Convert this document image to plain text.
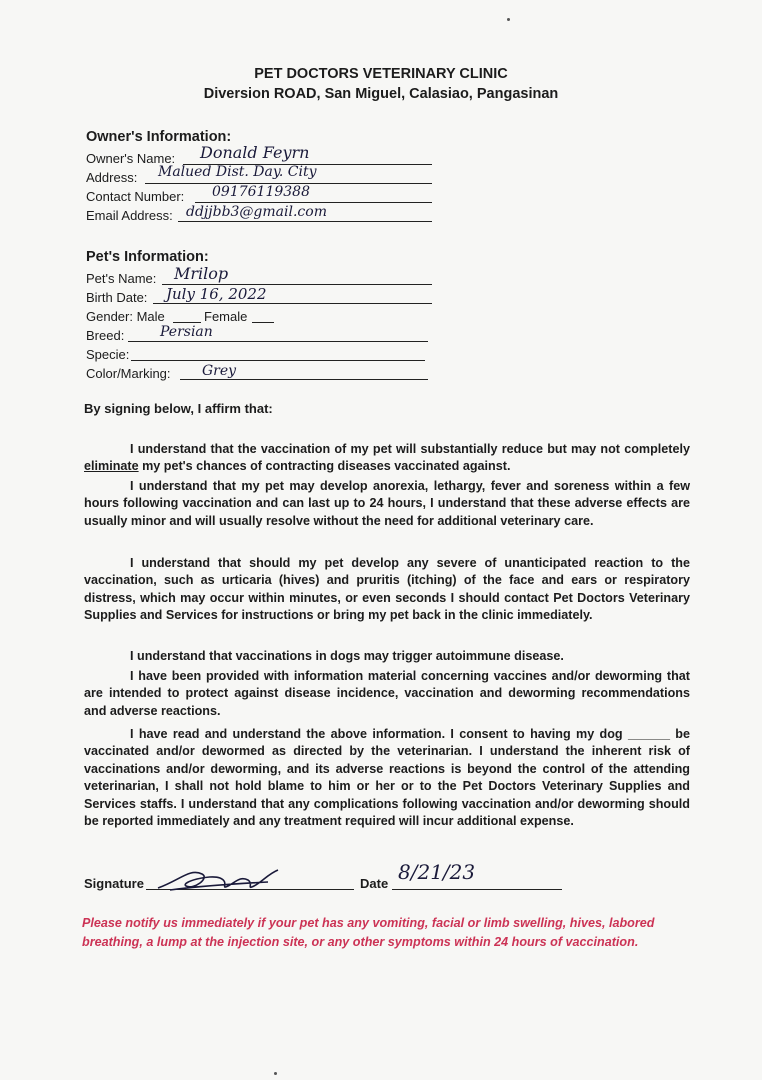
PET DOCTORS VETERINARY CLINIC
Diversion ROAD, San Miguel, Calasiao, Pangasinan
Owner's Information:
Owner's Name: Donald Feyrn
Address: Malued Dist. Day. City
Contact Number: 09176119388
Email Address: ddjjbb3@gmail.com
Pet's Information:
Pet's Name: Mrilop
Birth Date: July 16, 2022
Gender: Male	Female
Breed:	Persian
Specie:
Color/Marking: Grey
By signing below, I affirm that:

I understand that the vaccination of my pet will substantially reduce but may not completely eliminate my pet's chances of contracting diseases vaccinated against.

I understand that my pet may develop anorexia, lethargy, fever and soreness within a few hours following vaccination and can last up to 24 hours, I understand that these adverse effects are usually minor and will usually resolve without the need for additional veterinary care.

I understand that should my pet develop any severe of unanticipated reaction to the vaccination, such as urticaria (hives) and pruritis (itching) of the face and ears or respiratory distress, which may occur within minutes, or even seconds I should contact Pet Doctors Veterinary Supplies and Services for instructions or bring my pet back in the clinic immediately.

I understand that vaccinations in dogs may trigger autoimmune disease.

I have been provided with information material concerning vaccines and/or deworming that are intended to protect against disease incidence, vaccination and deworming recommendations and adverse reactions.

I have read and understand the above information. I consent to having my dog ______ be vaccinated and/or dewormed as directed by the veterinarian. I understand the inherent risk of vaccinations and/or deworming, and its adverse reactions is beyond the control of the attending veterinarian, I shall not hold blame to him or her or to the Pet Doctors Veterinary Supplies and Services staffs. I understand that any complications following vaccination and/or deworming should be reported immediately and any treatment required will incur additional expense.

Signature	Date 8/21/23

Please notify us immediately if your pet has any vomiting, facial or limb swelling, hives, labored breathing, a lump at the injection site, or any other symptoms within 24 hours of vaccination.
